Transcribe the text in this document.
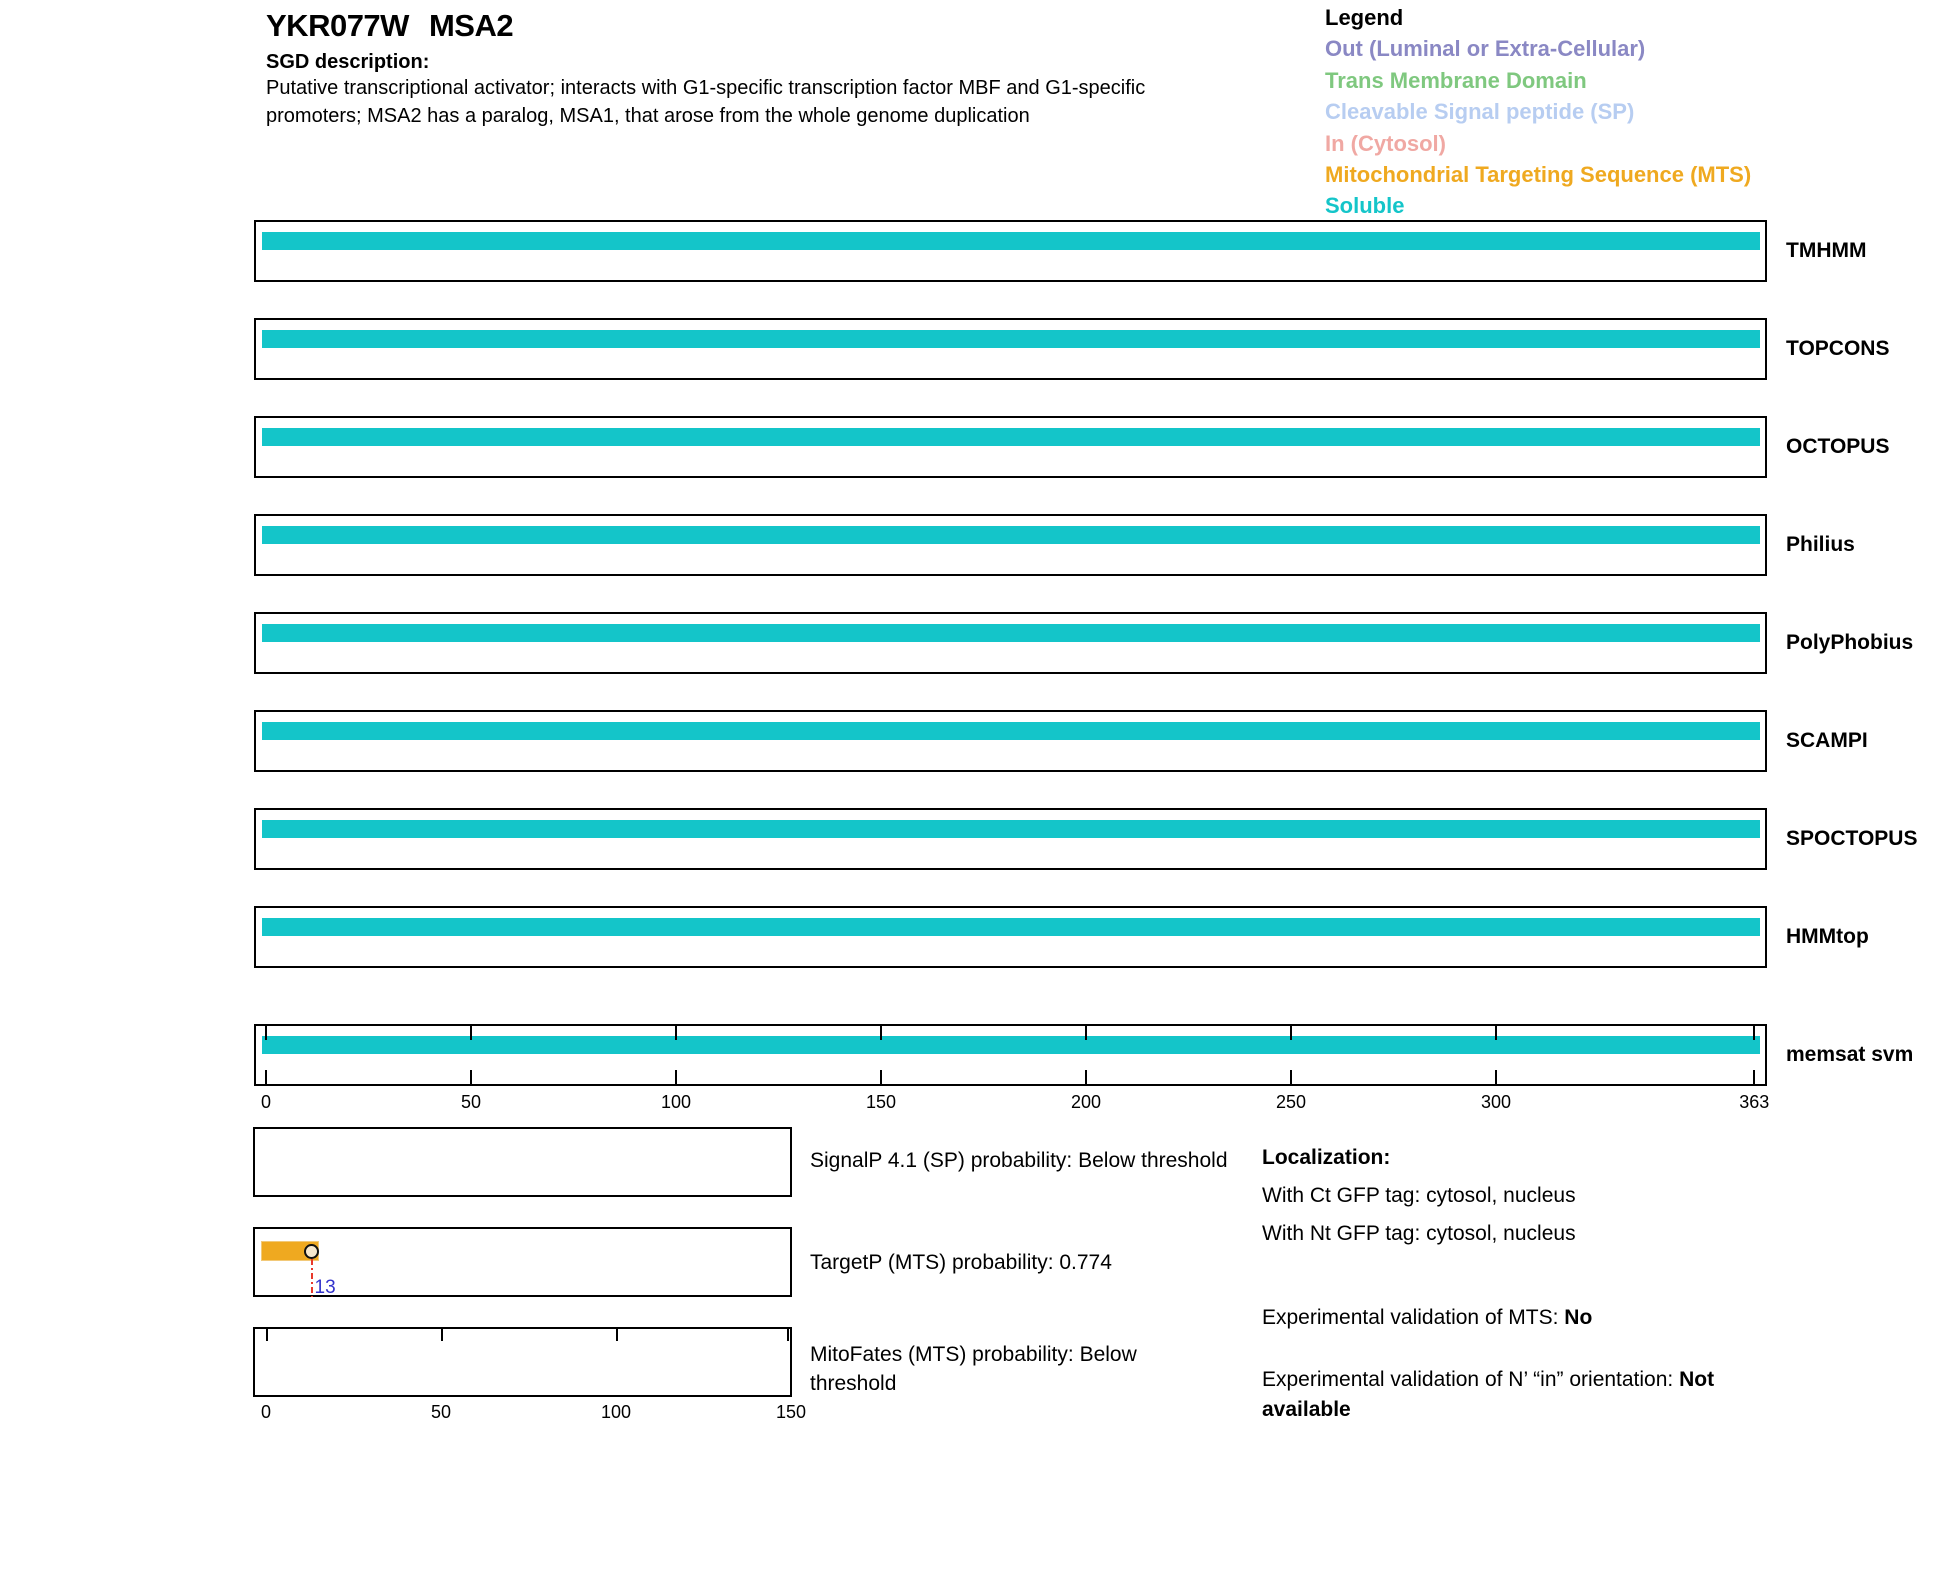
YKR077W MSA2
SGD description:
Putative transcriptional activator; interacts with G1-specific transcription factor MBF and G1-specific
promoters; MSA2 has a paralog, MSA1, that arose from the whole genome duplication
Legend
Out (Luminal or Extra-Cellular)
Trans Membrane Domain
Cleavable Signal peptide (SP)
In (Cytosol)
Mitochondrial Targeting Sequence (MTS)
Soluble
TMHMM
TOPCONS
OCTOPUS
Philius
PolyPhobius
SCAMPI
SPOCTOPUS
HMMtop
memsat svm
0	50	100	150	200	250	300	363
SignalP 4.1 (SP) probability: Below threshold
13
TargetP (MTS) probability: 0.774
0	50	100	150
MitoFates (MTS) probability: Below
threshold
Localization:
With Ct GFP tag: cytosol, nucleus
With Nt GFP tag: cytosol, nucleus
Experimental validation of MTS: No
Experimental validation of N’ “in” orientation: Not
available
